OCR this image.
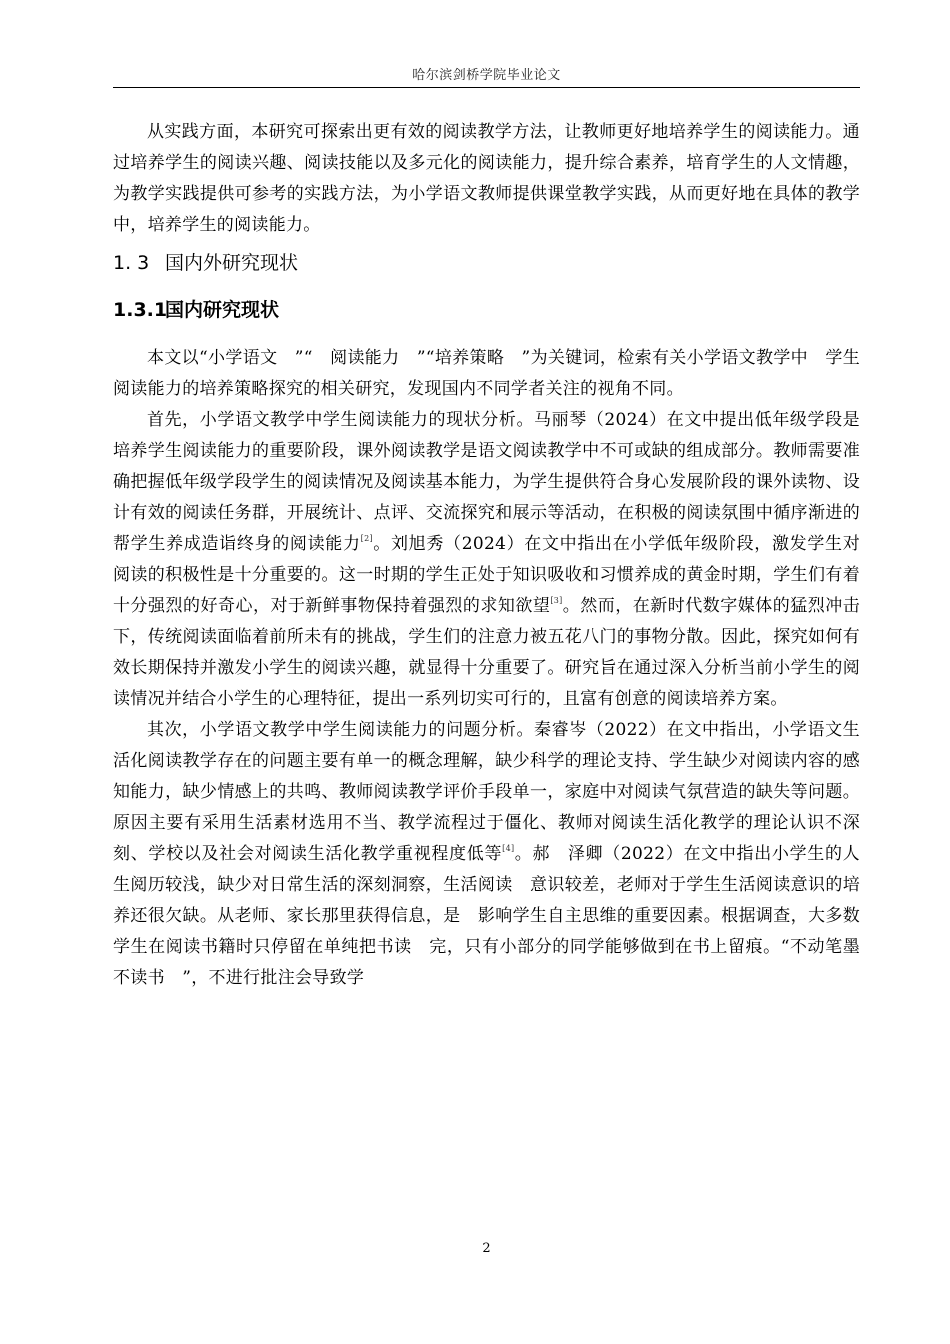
哈尔滨剑桥学院毕业论文

从实践方面，本研究可探索出更有效的阅读教学方法，让教师更好地培养学生的阅读能力。通过培养学生的阅读兴趣、阅读技能以及多元化的阅读能力，提升综合素养，培育学生的人文情趣，为教学实践提供可参考的实践方法，为小学语文教师提供课堂教学实践，从而更好地在具体的教学中，培养学生的阅读能力。

1. 3 国内外研究现状
1.3.1国内研究现状

本文以“小学语文　”“　阅读能力　”“培养策略　”为关键词，检索有关小学语文教学中　学生阅读能力的培养策略探究的相关研究，发现国内不同学者关注的视角不同。

首先，小学语文教学中学生阅读能力的现状分析。马丽琴（2024）在文中提出低年级学段是培养学生阅读能力的重要阶段，课外阅读教学是语文阅读教学中不可或缺的组成部分。教师需要准确把握低年级学段学生的阅读情况及阅读基本能力，为学生提供符合身心发展阶段的课外读物、设计有效的阅读任务群，开展统计、点评、交流探究和展示等活动，在积极的阅读氛围中循序渐进的帮学生养成造诣终身的阅读能力[2]。刘旭秀（2024）在文中指出在小学低年级阶段，激发学生对阅读的积极性是十分重要的。这一时期的学生正处于知识吸收和习惯养成的黄金时期，学生们有着十分强烈的好奇心，对于新鲜事物保持着强烈的求知欲望[3]。然而，在新时代数字媒体的猛烈冲击下，传统阅读面临着前所未有的挑战，学生们的注意力被五花八门的事物分散。因此，探究如何有效长期保持并激发小学生的阅读兴趣，就显得十分重要了。研究旨在通过深入分析当前小学生的阅读情况并结合小学生的心理特征，提出一系列切实可行的，且富有创意的阅读培养方案。

其次，小学语文教学中学生阅读能力的问题分析。秦睿岑（2022）在文中指出，小学语文生活化阅读教学存在的问题主要有单一的概念理解，缺少科学的理论支持、学生缺少对阅读内容的感知能力，缺少情感上的共鸣、教师阅读教学评价手段单一，家庭中对阅读气氛营造的缺失等问题。原因主要有采用生活素材选用不当、教学流程过于僵化、教师对阅读生活化教学的理论认识不深刻、学校以及社会对阅读生活化教学重视程度低等[4]。郝　泽卿（2022）在文中指出小学生的人生阅历较浅，缺少对日常生活的深刻洞察，生活阅读　意识较差，老师对于学生生活阅读意识的培养还很欠缺。从老师、家长那里获得信息，是　影响学生自主思维的重要因素。根据调查，大多数学生在阅读书籍时只停留在单纯把书读　完，只有小部分的同学能够做到在书上留痕。“不动笔墨不读书　”，不进行批注会导致学

2
